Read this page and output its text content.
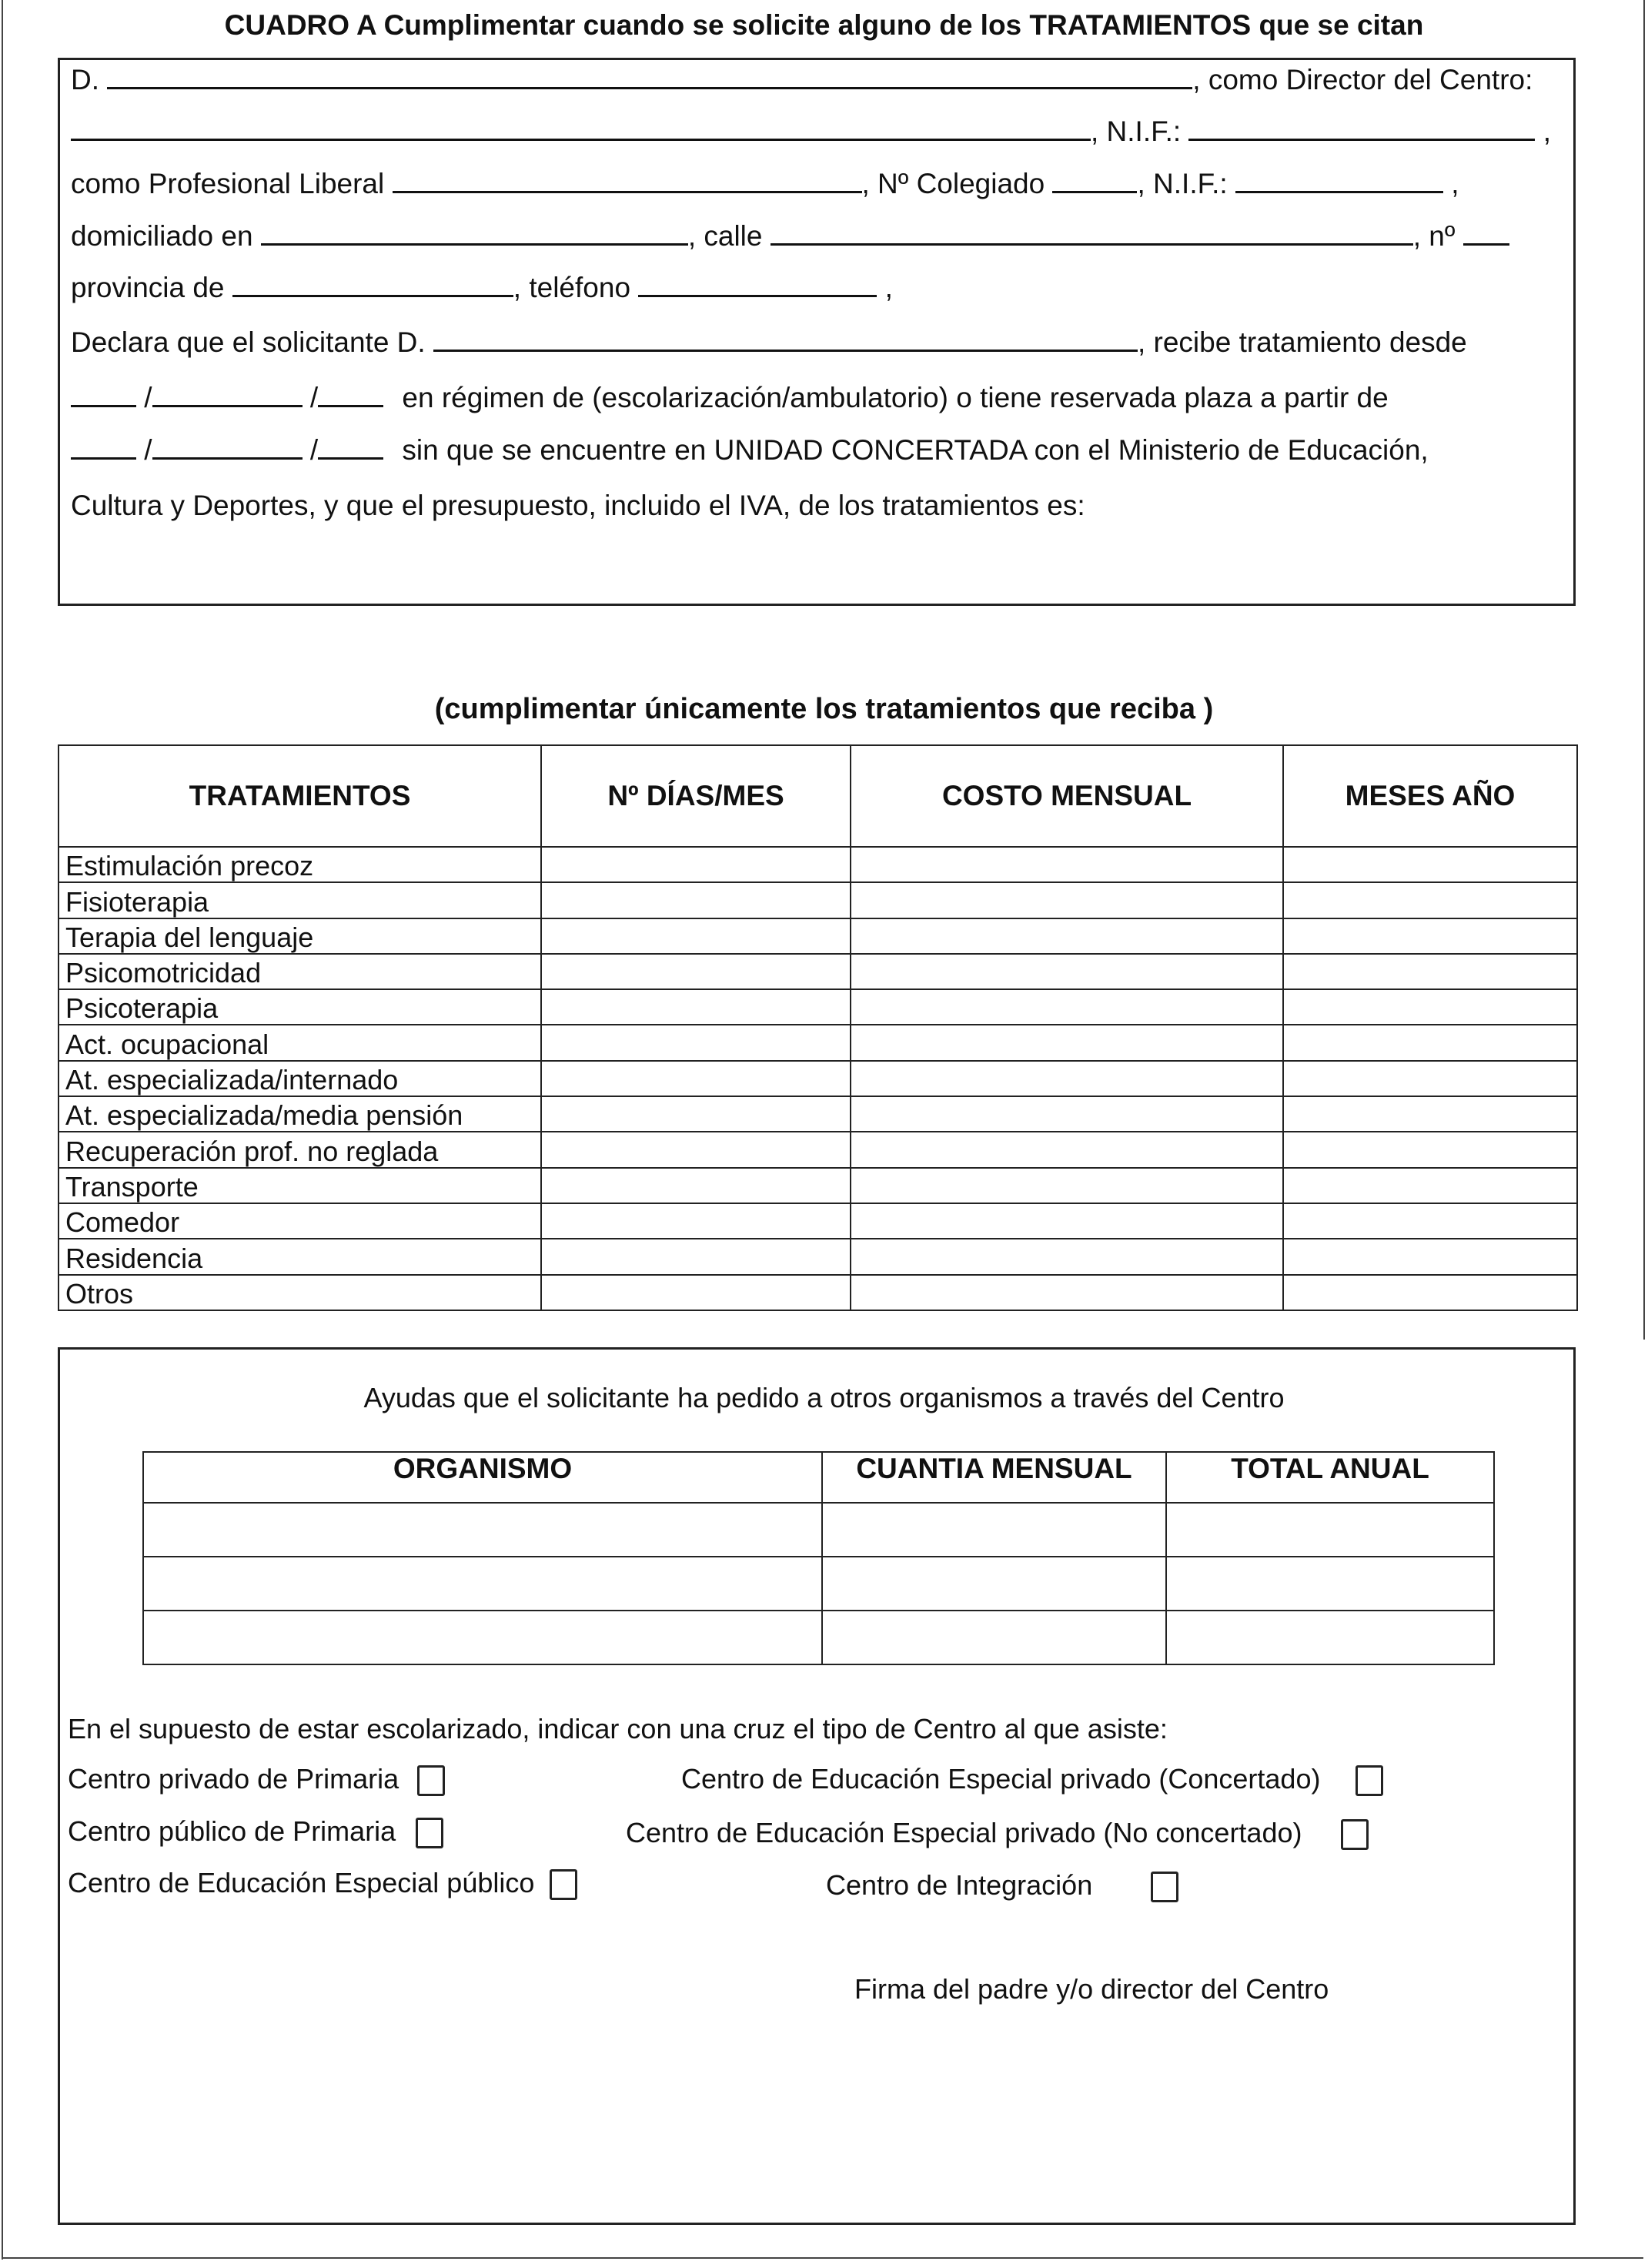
CUADRO A Cumplimentar cuando se solicite alguno de los TRATAMIENTOS que se citan
D.	, como Director del Centro:
, N.I.F.:	,
como Profesional Liberal	, Nº Colegiado	, N.I.F.:	,
domiciliado en	, calle	, nº
provincia de	, teléfono	,
Declara que el solicitante D.	, recibe tratamiento desde
/	/	en régimen de (escolarización/ambulatorio) o tiene reservada plaza a partir de
/	/	sin que se encuentre en UNIDAD CONCERTADA con el Ministerio de Educación,
Cultura y Deportes, y que el presupuesto, incluido el IVA, de los tratamientos es:
(cumplimentar únicamente los tratamientos que reciba )
TRATAMIENTOS	Nº DÍAS/MES	COSTO MENSUAL	MESES AÑO
Estimulación precoz			
Fisioterapia			
Terapia del lenguaje			
Psicomotricidad			
Psicoterapia			
Act. ocupacional			
At. especializada/internado			
At. especializada/media pensión			
Recuperación prof. no reglada			
Transporte			
Comedor			
Residencia			
Otros			
Ayudas que el solicitante ha pedido a otros organismos a través del Centro
ORGANISMO	CUANTIA MENSUAL	TOTAL ANUAL

En el supuesto de estar escolarizado, indicar con una cruz el tipo de Centro al que asiste:
Centro privado de Primaria	Centro de Educación Especial privado (Concertado)
Centro público de Primaria	Centro de Educación Especial privado (No concertado)
Centro de Educación Especial público	Centro de Integración
Firma del padre y/o director del Centro
